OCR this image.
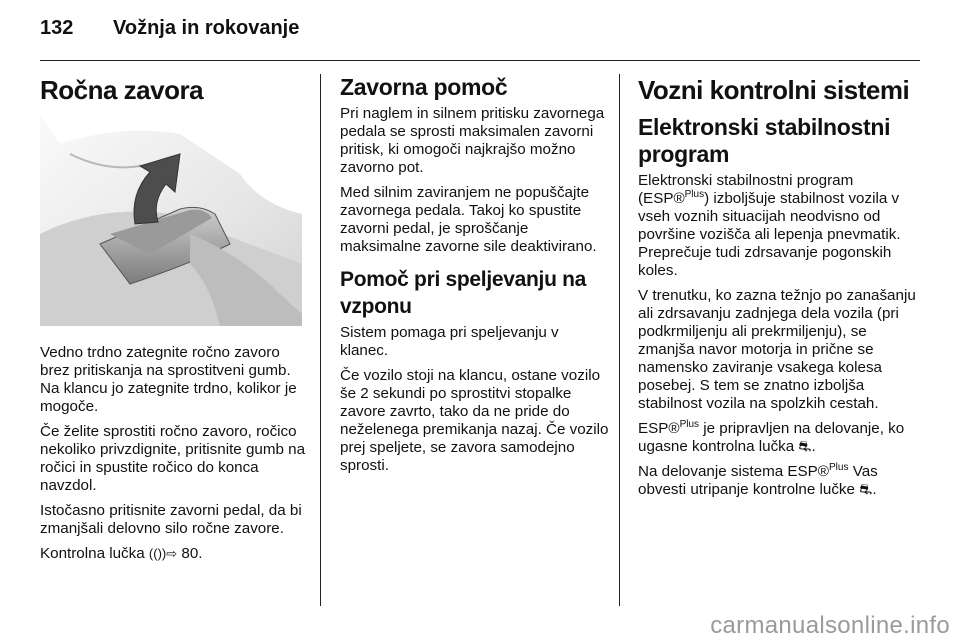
132 Vožnja in rokovanje
Ročna zavora

Vedno trdno zategnite ročno zavoro brez pritiskanja na sprostitveni gumb. Na klancu jo zategnite trdno, kolikor je mogoče.

Če želite sprostiti ročno zavoro, ročico nekoliko privzdignite, pritisnite gumb na ročici in spustite ročico do konca navzdol.

Istočasno pritisnite zavorni pedal, da bi zmanjšali delovno silo ročne zavore.

Kontrolna lučka (())⇨ 80.

Zavorna pomoč

Pri naglem in silnem pritisku zavornega pedala se sprosti maksimalen zavorni pritisk, ki omogoči najkrajšo možno zavorno pot.

Med silnim zaviranjem ne popuščajte zavornega pedala. Takoj ko spustite zavorni pedal, je sproščanje maksimalne zavorne sile deaktivirano.

Pomoč pri speljevanju na vzponu

Sistem pomaga pri speljevanju v klanec.

Če vozilo stoji na klancu, ostane vozilo še 2 sekundi po sprostitvi stopalke zavore zavrto, tako da ne pride do neželenega premikanja nazaj. Če vozilo prej speljete, se zavora samodejno sprosti.

Vozni kontrolni sistemi
Elektronski stabilnostni program

Elektronski stabilnostni program (ESP®$^{Plus}$) izboljšuje stabilnost vozila v vseh voznih situacijah neodvisno od površine vozišča ali lepenja pnevmatik. Preprečuje tudi zdrsavanje pogonskih koles.

V trenutku, ko zazna težnjo po zanašanju ali zdrsavanju zadnjega dela vozila (pri podkrmiljenju ali prekrmiljenju), se zmanjša navor motorja in prične se namensko zaviranje vsakega kolesa posebej. S tem se znatno izboljša stabilnost vozila na spolzkih cestah.

ESP®$^{Plus}$ je pripravljen na delovanje, ko ugasne kontrolna lučka ⛐.

Na delovanje sistema ESP®$^{Plus}$ Vas obvesti utripanje kontrolne lučke ⛐.

carmanualsonline.info
